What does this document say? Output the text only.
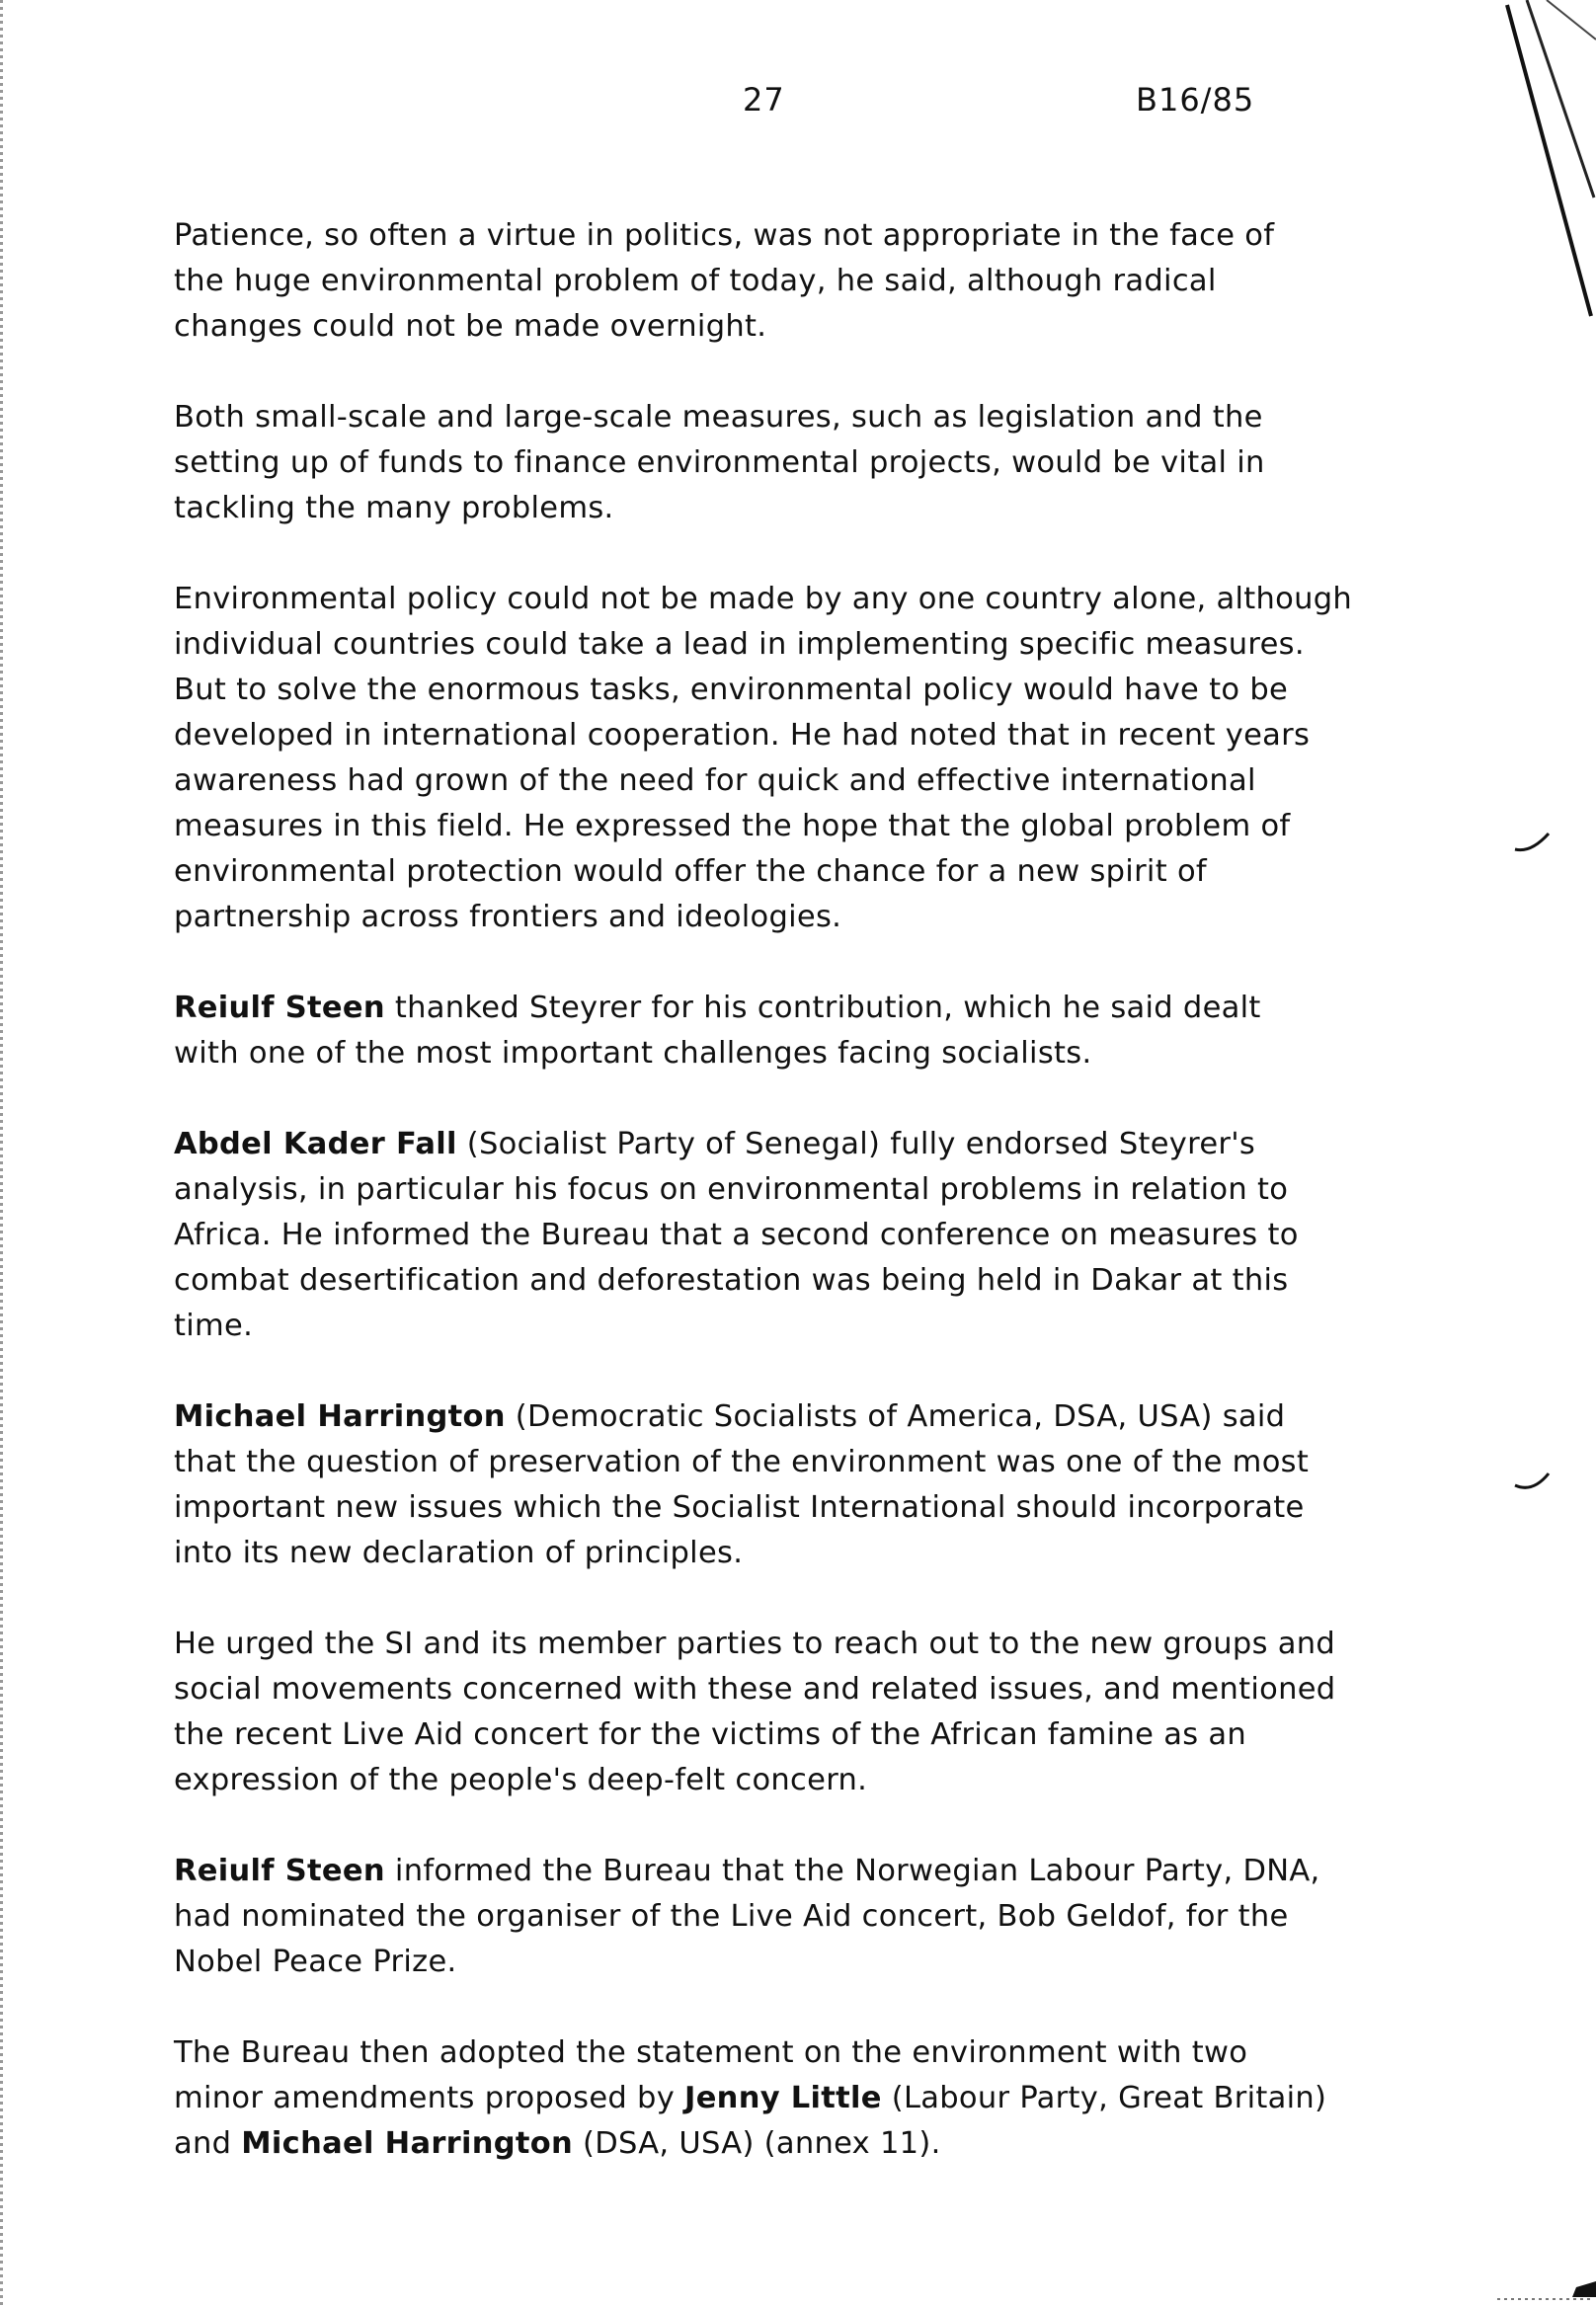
27	B16/85

Patience, so often a virtue in politics, was not appropriate in the face of
the huge environmental problem of today, he said, although radical
changes could not be made overnight.

Both small-scale and large-scale measures, such as legislation and the
setting up of funds to finance environmental projects, would be vital in
tackling the many problems.

Environmental policy could not be made by any one country alone, although
individual countries could take a lead in implementing specific measures.
But to solve the enormous tasks, environmental policy would have to be
developed in international cooperation. He had noted that in recent years
awareness had grown of the need for quick and effective international
measures in this field. He expressed the hope that the global problem of
environmental protection would offer the chance for a new spirit of
partnership across frontiers and ideologies.

Reiulf Steen thanked Steyrer for his contribution, which he said dealt
with one of the most important challenges facing socialists.

Abdel Kader Fall (Socialist Party of Senegal) fully endorsed Steyrer's
analysis, in particular his focus on environmental problems in relation to
Africa. He informed the Bureau that a second conference on measures to
combat desertification and deforestation was being held in Dakar at this
time.

Michael Harrington (Democratic Socialists of America, DSA, USA) said
that the question of preservation of the environment was one of the most
important new issues which the Socialist International should incorporate
into its new declaration of principles.

He urged the SI and its member parties to reach out to the new groups and
social movements concerned with these and related issues, and mentioned
the recent Live Aid concert for the victims of the African famine as an
expression of the people's deep-felt concern.

Reiulf Steen informed the Bureau that the Norwegian Labour Party, DNA,
had nominated the organiser of the Live Aid concert, Bob Geldof, for the
Nobel Peace Prize.

The Bureau then adopted the statement on the environment with two
minor amendments proposed by Jenny Little (Labour Party, Great Britain)
and Michael Harrington (DSA, USA) (annex 11).
